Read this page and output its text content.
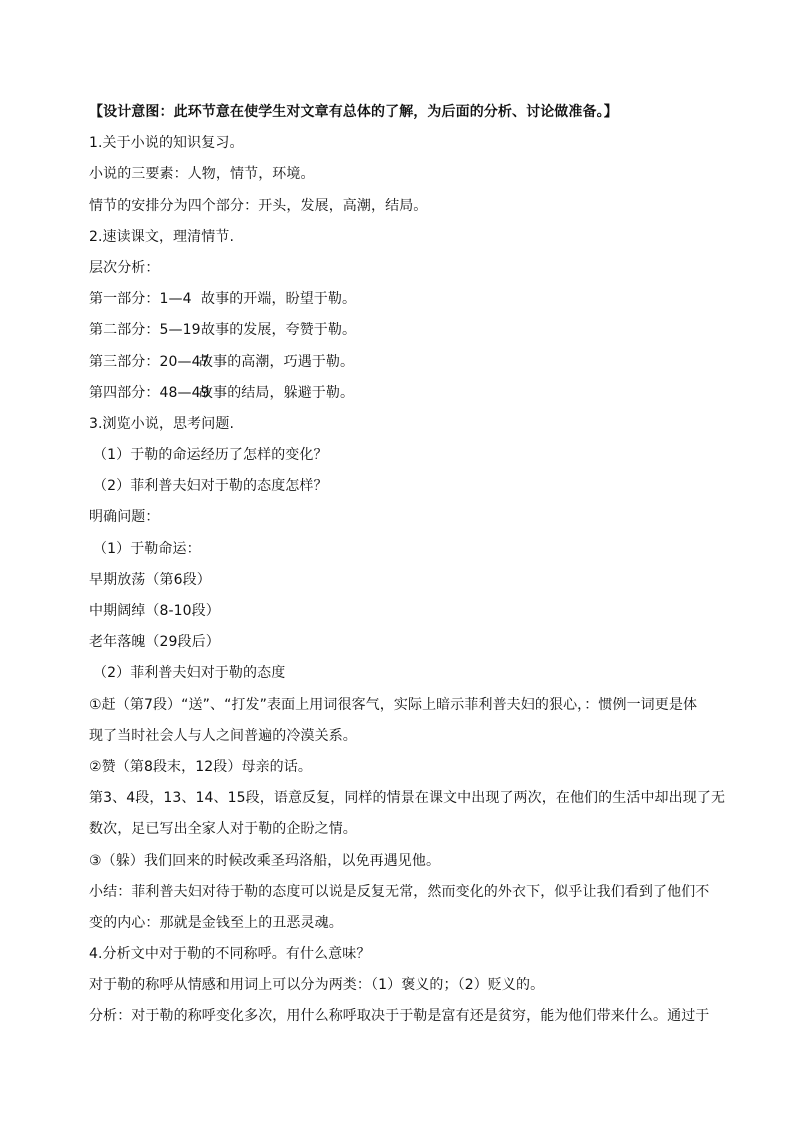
【设计意图：此环节意在使学生对文章有总体的了解，为后面的分析、讨论做准备。】
1.关于小说的知识复习。
小说的三要素：人物，情节，环境。
情节的安排分为四个部分：开头，发展，高潮，结局。
2.速读课文，理清情节.
层次分析：
第一部分：1—4 故事的开端，盼望于勒。
第二部分：5—19故事的发展，夸赞于勒。
第三部分：20—47故事的高潮，巧遇于勒。
第四部分：48—49故事的结局，躲避于勒。
3.浏览小说，思考问题.
（1）于勒的命运经历了怎样的变化？
（2）菲利普夫妇对于勒的态度怎样？
明确问题：
（1）于勒命运：
早期放荡（第6段）
中期阔绰（8-10段）
老年落魄（29段后）
（2）菲利普夫妇对于勒的态度
①赶（第7段）“送”、“打发”表面上用词很客气，实际上暗示菲利普夫妇的狠心，：惯例一词更是体
现了当时社会人与人之间普遍的冷漠关系。
②赞（第8段末，12段）母亲的话。
第3、4段，13、14、15段，语意反复，同样的情景在课文中出现了两次，在他们的生活中却出现了无
数次，足已写出全家人对于勒的企盼之情。
③（躲）我们回来的时候改乘圣玛洛船，以免再遇见他。
小结：菲利普夫妇对待于勒的态度可以说是反复无常，然而变化的外衣下，似乎让我们看到了他们不
变的内心：那就是金钱至上的丑恶灵魂。
4.分析文中对于勒的不同称呼。有什么意味？
对于勒的称呼从情感和用词上可以分为两类：（1）褒义的；（2）贬义的。
分析：对于勒的称呼变化多次，用什么称呼取决于于勒是富有还是贫穷，能为他们带来什么。通过于
